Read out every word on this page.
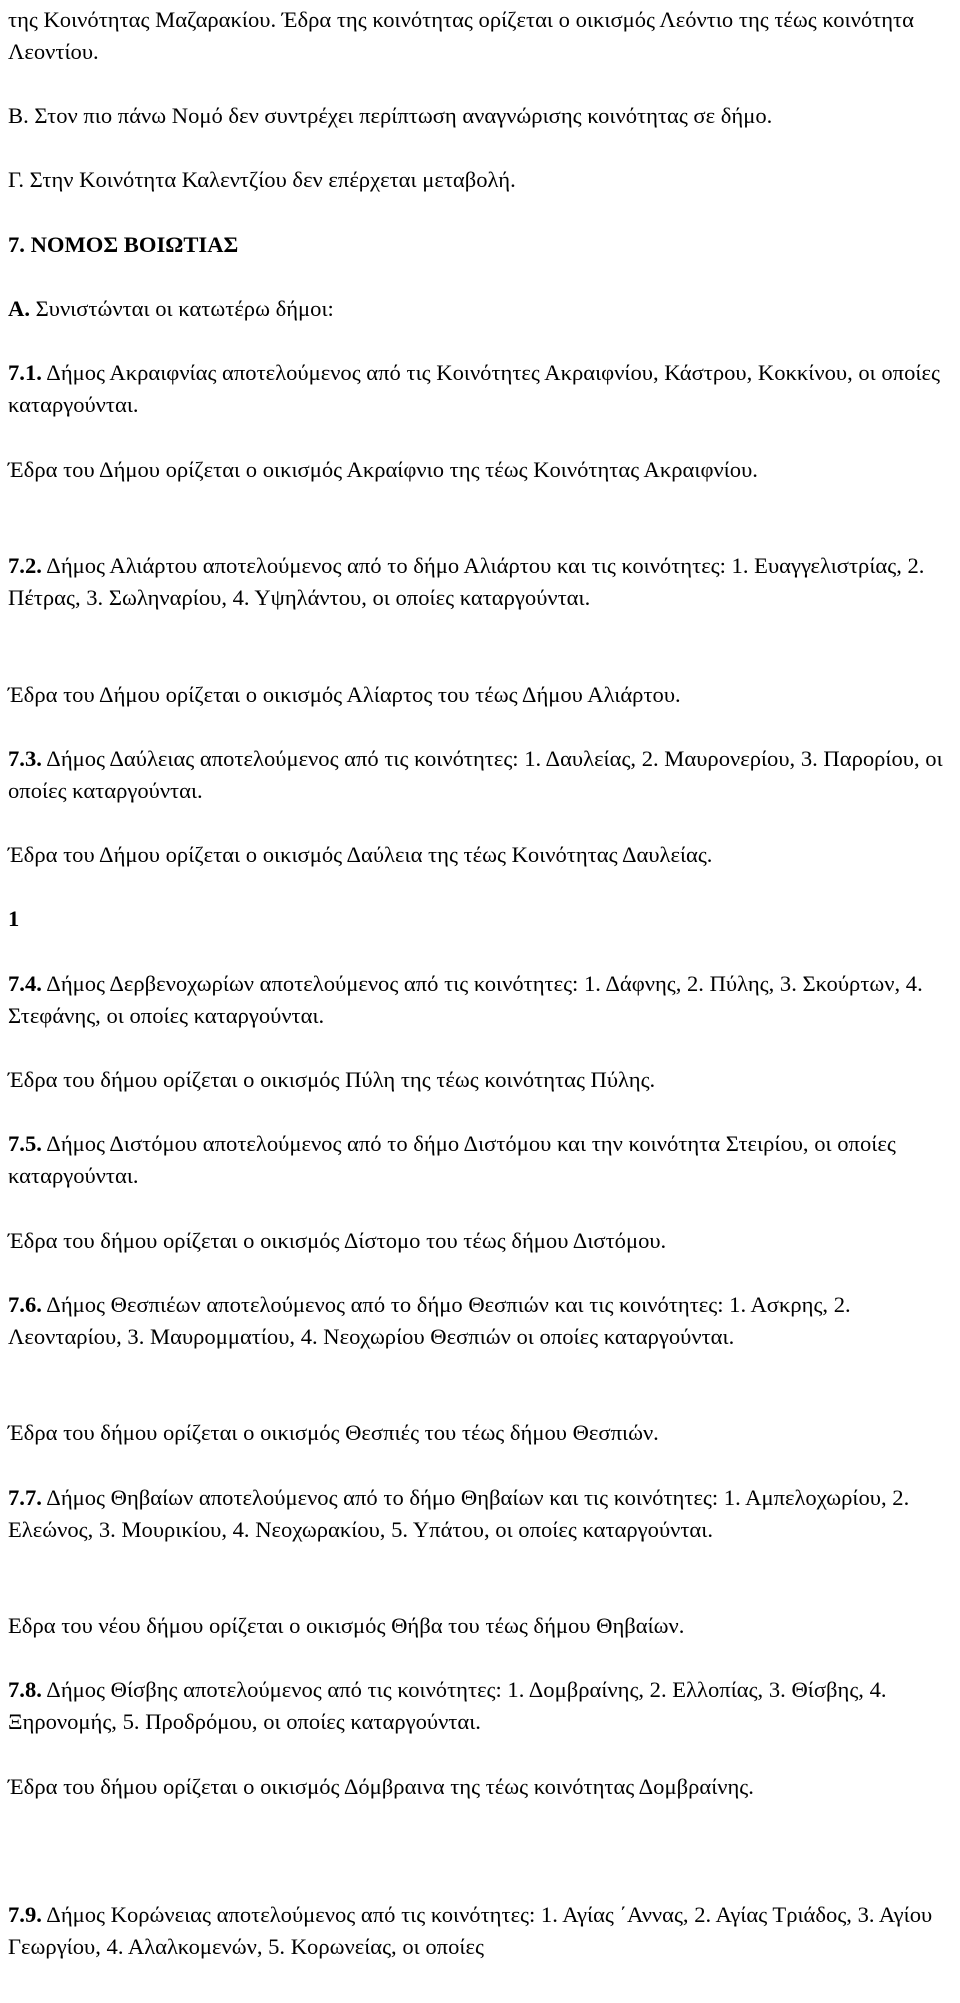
της Κοινότητας Μαζαρακίου. Έδρα της κοινότητας ορίζεται ο οικισμός Λεόντιο της τέως κοινότητα Λεοντίου.

Β. Στον πιο πάνω Νομό δεν συντρέχει περίπτωση αναγνώρισης κοινότητας σε δήμο.

Γ. Στην Κοινότητα Καλεντζίου δεν επέρχεται μεταβολή.

7. ΝΟΜΟΣ ΒΟΙΩΤΙΑΣ

Α. Συνιστώνται οι κατωτέρω δήμοι:

7.1. Δήμος Ακραιφνίας αποτελούμενος από τις Κοινότητες Ακραιφνίου, Κάστρου, Κοκκίνου, οι οποίες καταργούνται.

Έδρα του Δήμου ορίζεται ο οικισμός Ακραίφνιο της τέως Κοινότητας Ακραιφνίου.

7.2. Δήμος Αλιάρτου αποτελούμενος από το δήμο Αλιάρτου και τις κοινότητες: 1. Ευαγγελιστρίας, 2. Πέτρας, 3. Σωληναρίου, 4. Υψηλάντου, οι οποίες καταργούνται.

Έδρα του Δήμου ορίζεται ο οικισμός Αλίαρτος του τέως Δήμου Αλιάρτου.

7.3. Δήμος Δαύλειας αποτελούμενος από τις κοινότητες: 1. Δαυλείας, 2. Μαυρονερίου, 3. Παρορίου, οι οποίες καταργούνται.

Έδρα του Δήμου ορίζεται ο οικισμός Δαύλεια της τέως Κοινότητας Δαυλείας.

1

7.4. Δήμος Δερβενοχωρίων αποτελούμενος από τις κοινότητες: 1. Δάφνης, 2. Πύλης, 3. Σκούρτων, 4. Στεφάνης, οι οποίες καταργούνται.

Έδρα του δήμου ορίζεται ο οικισμός Πύλη της τέως κοινότητας Πύλης.

7.5. Δήμος Διστόμου αποτελούμενος από το δήμο Διστόμου και την κοινότητα Στειρίου, οι οποίες καταργούνται.

Έδρα του δήμου ορίζεται ο οικισμός Δίστομο του τέως δήμου Διστόμου.

7.6. Δήμος Θεσπιέων αποτελούμενος από το δήμο Θεσπιών και τις κοινότητες: 1. Ασκρης, 2. Λεονταρίου, 3. Μαυρομματίου, 4. Νεοχωρίου Θεσπιών οι οποίες καταργούνται.

Έδρα του δήμου ορίζεται ο οικισμός Θεσπιές του τέως δήμου Θεσπιών.

7.7. Δήμος Θηβαίων αποτελούμενος από το δήμο Θηβαίων και τις κοινότητες: 1. Αμπελοχωρίου, 2. Ελεώνος, 3. Μουρικίου, 4. Νεοχωρακίου, 5. Υπάτου, οι οποίες καταργούνται.

Εδρα του νέου δήμου ορίζεται ο οικισμός Θήβα του τέως δήμου Θηβαίων.

7.8. Δήμος Θίσβης αποτελούμενος από τις κοινότητες: 1. Δομβραίνης, 2. Ελλοπίας, 3. Θίσβης, 4. Ξηρονομής, 5. Προδρόμου, οι οποίες καταργούνται.

Έδρα του δήμου ορίζεται ο οικισμός Δόμβραινα της τέως κοινότητας Δομβραίνης.

7.9. Δήμος Κορώνειας αποτελούμενος από τις κοινότητες: 1. Αγίας ΄Αννας, 2. Αγίας Τριάδος, 3. Αγίου Γεωργίου, 4. Αλαλκομενών, 5. Κορωνείας, οι οποίες
